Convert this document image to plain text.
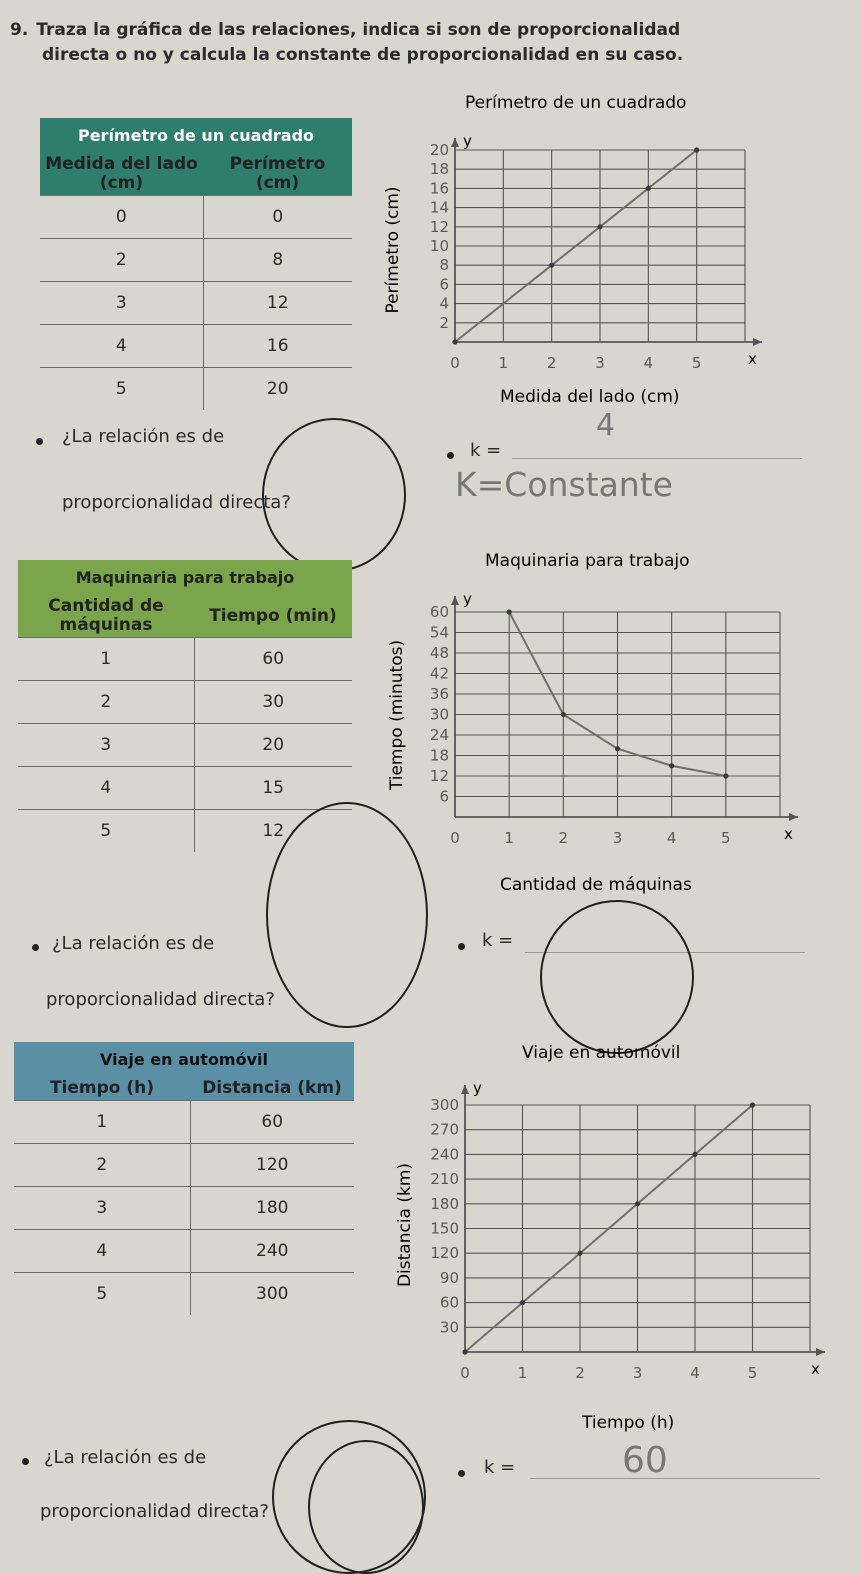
9. Traza la gráfica de las relaciones, indica si son de proporcionalidad
directa o no y calcula la constante de proporcionalidad en su caso.
Perímetro de un cuadrado
Medida del lado (cm)	Perímetro (cm)
0	0
2	8
3	12
4	16
5	20
y
x
Perímetro de un cuadrado
Medida del lado (cm)
Perímetro (cm)
2
4
6
8
10
12
14
16
18
20
0	1	2	3	4	5
¿La relación es de
proporcionalidad directa?
k =
4
K=Constante
Maquinaria para trabajo
Cantidad de máquinas	Tiempo (min)
1	60
2	30
3	20
4	15
5	12
y
x
Maquinaria para trabajo
Cantidad de máquinas
Tiempo (minutos)
6
12
18
24
30
36
42
48
54
60
0	1	2	3	4	5
¿La relación es de
proporcionalidad directa?
k =
Viaje en automóvil
Tiempo (h)	Distancia (km)
1	60
2	120
3	180
4	240
5	300
y
x
Viaje en automóvil
Tiempo (h)
Distancia (km)
30
60
90
120
150
180
210
240
270
300
0	1	2	3	4	5
¿La relación es de
proporcionalidad directa?
k =	60
